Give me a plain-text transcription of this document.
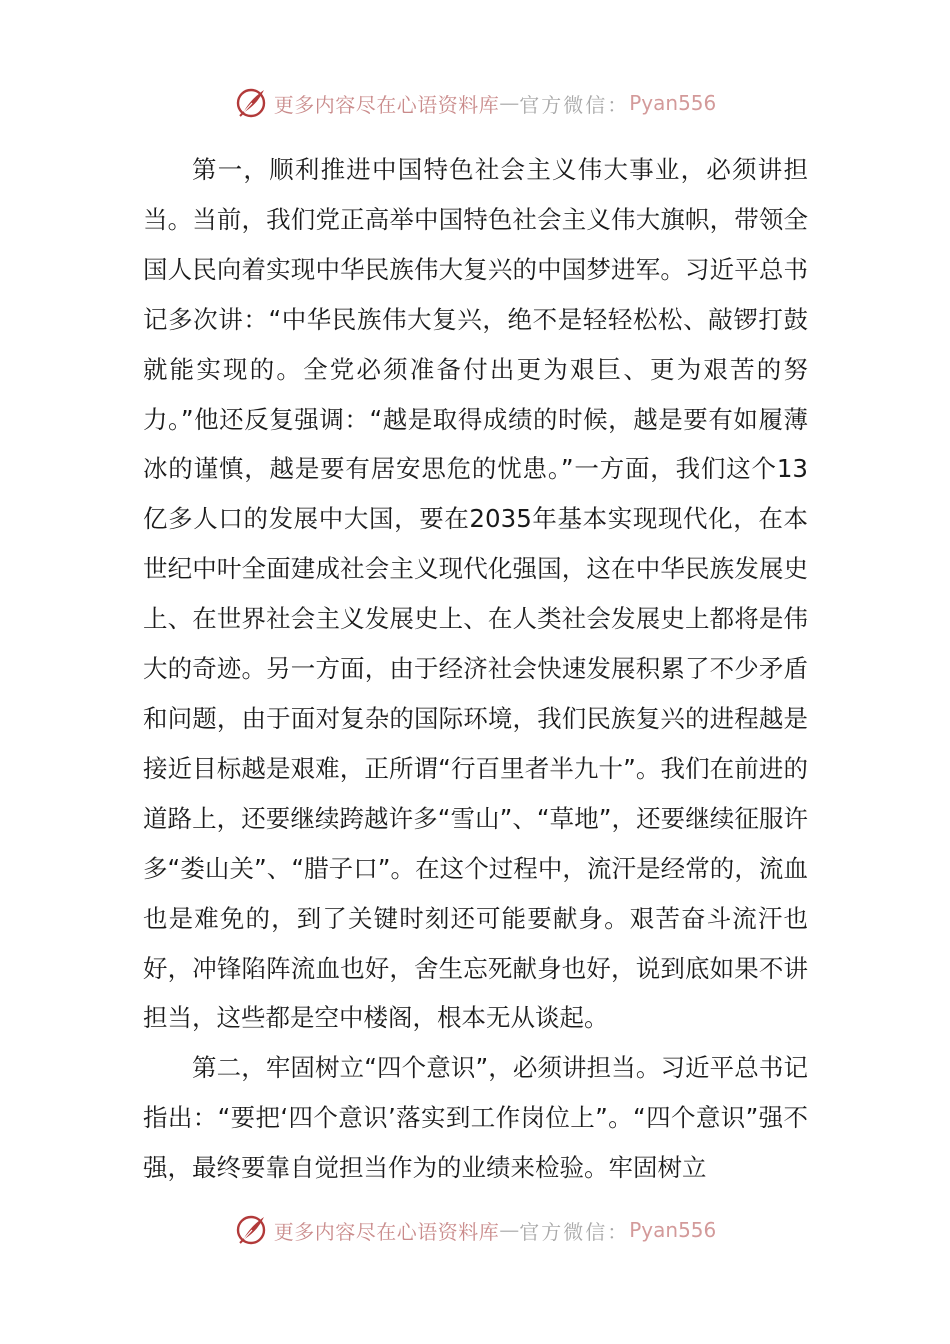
更多内容尽在心语资料库 — 官方微信： Pyan556

第一，顺利推进中国特色社会主义伟大事业，必须讲担当。当前，我们党正高举中国特色社会主义伟大旗帜，带领全国人民向着实现中华民族伟大复兴的中国梦进军。习近平总书记多次讲：“中华民族伟大复兴，绝不是轻轻松松、敲锣打鼓就能实现的。全党必须准备付出更为艰巨、更为艰苦的努力。”他还反复强调：“越是取得成绩的时候，越是要有如履薄冰的谨慎，越是要有居安思危的忧患。”一方面，我们这个13亿多人口的发展中大国，要在2035年基本实现现代化，在本世纪中叶全面建成社会主义现代化强国，这在中华民族发展史上、在世界社会主义发展史上、在人类社会发展史上都将是伟大的奇迹。另一方面，由于经济社会快速发展积累了不少矛盾和问题，由于面对复杂的国际环境，我们民族复兴的进程越是接近目标越是艰难，正所谓“行百里者半九十”。我们在前进的道路上，还要继续跨越许多“雪山”、“草地”，还要继续征服许多“娄山关”、“腊子口”。在这个过程中，流汗是经常的，流血也是难免的，到了关键时刻还可能要献身。艰苦奋斗流汗也好，冲锋陷阵流血也好，舍生忘死献身也好，说到底如果不讲担当，这些都是空中楼阁，根本无从谈起。

第二，牢固树立“四个意识”，必须讲担当。习近平总书记指出：“要把‘四个意识’落实到工作岗位上”。“四个意识”强不强，最终要靠自觉担当作为的业绩来检验。牢固树立

更多内容尽在心语资料库 — 官方微信： Pyan556
